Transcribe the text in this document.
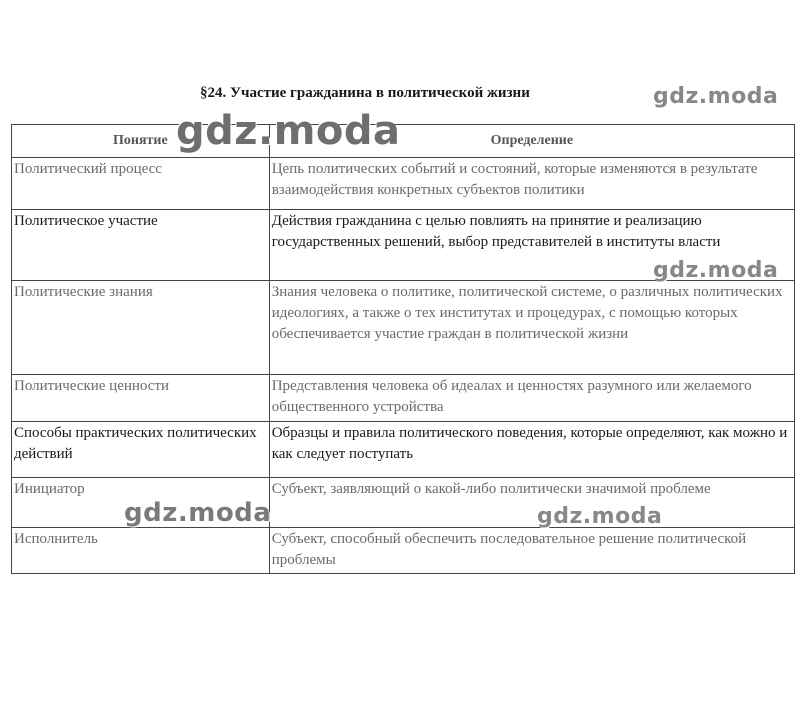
§24. Участие гражданина в политической жизни
Понятие	Определение
Политический процесс	Цепь политических событий и состояний, которые изменяются в результате взаимодействия конкретных субъектов политики
Политическое участие	Действия гражданина с целью повлиять на принятие и реализацию государственных решений, выбор представителей в институты власти
Политические знания	Знания человека о политике, политической системе, о различных политических идеологиях, а также о тех институтах и процедурах, с помощью которых обеспечивается участие граждан в политической жизни
Политические ценности	Представления человека об идеалах и ценностях разумного или желаемого общественного устройства
Способы практических политических действий	Образцы и правила политического поведения, которые определяют, как можно и как следует поступать
Инициатор	Субъект, заявляющий о какой-либо политически значимой проблеме
Исполнитель	Субъект, способный обеспечить последовательное решение политической проблемы
gdz.moda
gdz.moda
gdz.moda
gdz.moda	gdz.moda
